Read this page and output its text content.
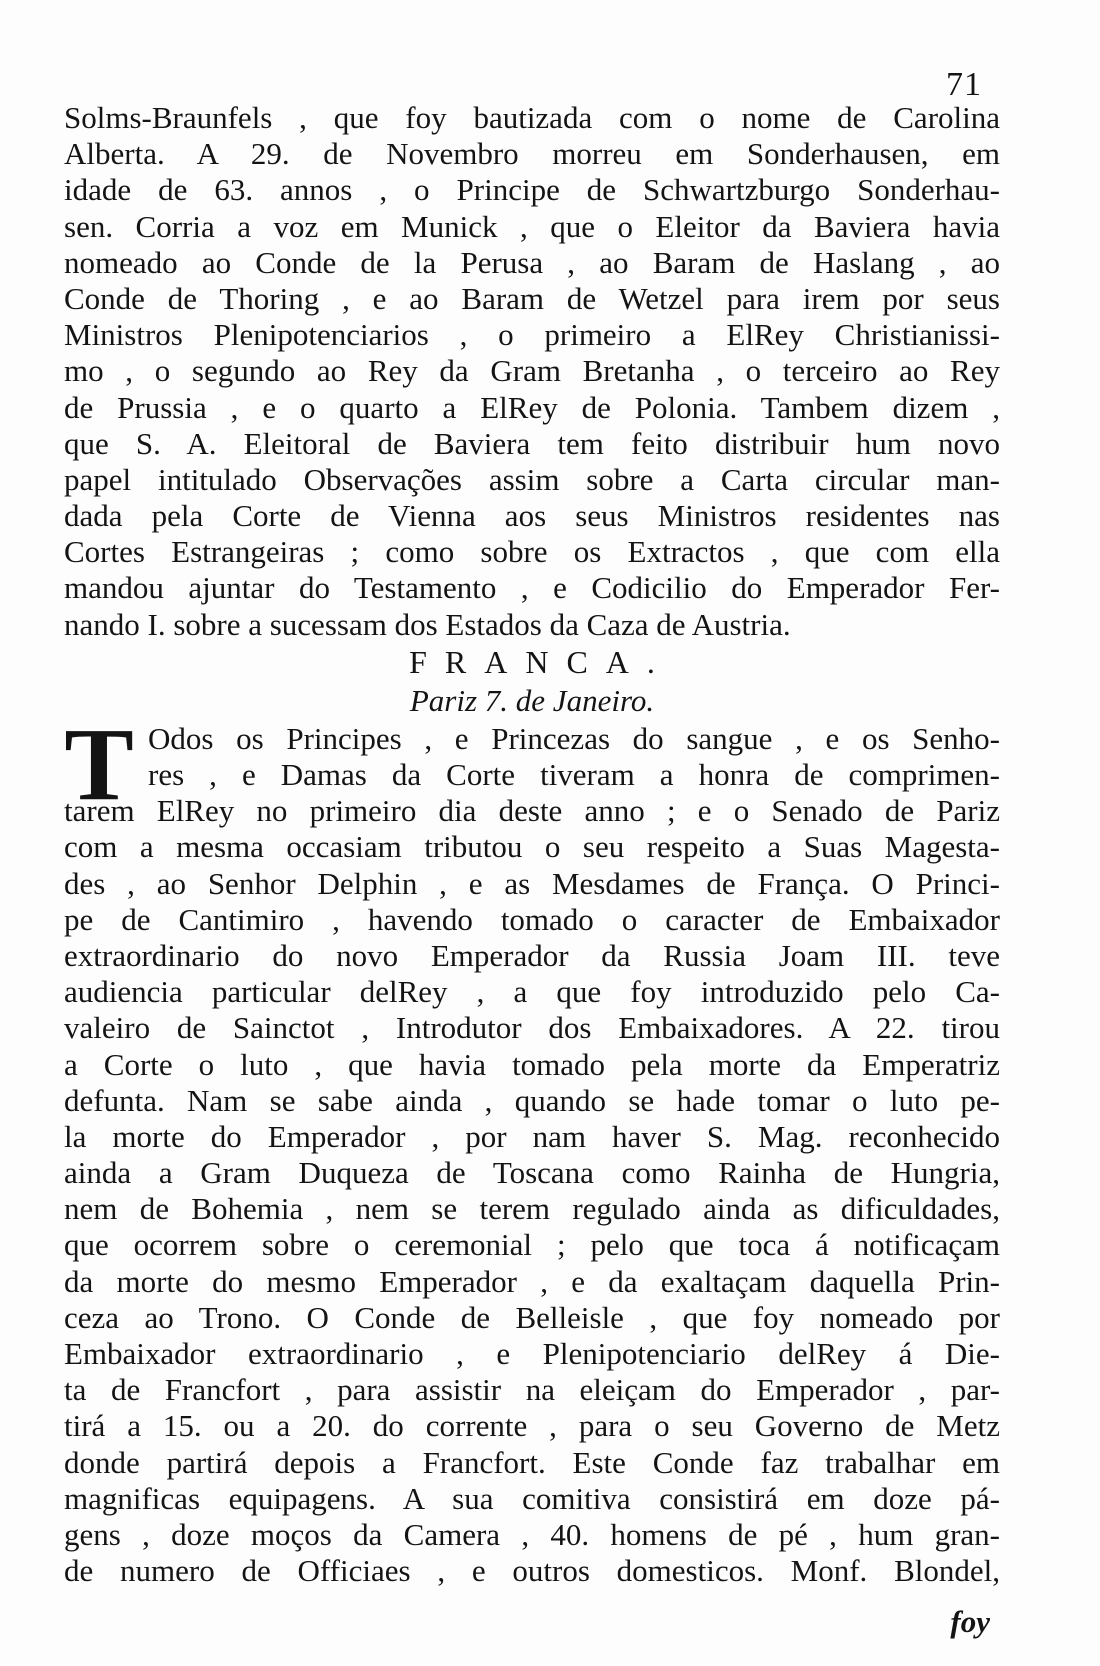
71
Solms-Braunfels , que foy bautizada com o nome de Carolina
Alberta. A 29. de Novembro morreu em Sonderhausen, em
idade de 63. annos , o Principe de Schwartzburgo Sonderhau-
sen. Corria a voz em Munick , que o Eleitor da Baviera havia
nomeado ao Conde de la Perusa , ao Baram de Haslang , ao
Conde de Thoring , e ao Baram de Wetzel para irem por seus
Ministros Plenipotenciarios , o primeiro a ElRey Christianissi-
mo , o segundo ao Rey da Gram Bretanha , o terceiro ao Rey
de Prussia , e o quarto a ElRey de Polonia. Tambem dizem ,
que S. A. Eleitoral de Baviera tem feito distribuir hum novo
papel intitulado Observações assim sobre a Carta circular man-
dada pela Corte de Vienna aos seus Ministros residentes nas
Cortes Estrangeiras ; como sobre os Extractos , que com ella
mandou ajuntar do Testamento , e Codicilio do Emperador Fer-
nando I. sobre a sucessam dos Estados da Caza de Austria.
FRANCA.
Pariz 7. de Janeiro.
T Odos os Principes , e Princezas do sangue , e os Senho-
res , e Damas da Corte tiveram a honra de comprimen-
tarem ElRey no primeiro dia deste anno ; e o Senado de Pariz
com a mesma occasiam tributou o seu respeito a Suas Magesta-
des , ao Senhor Delphin , e as Mesdames de França. O Princi-
pe de Cantimiro , havendo tomado o caracter de Embaixador
extraordinario do novo Emperador da Russia Joam III. teve
audiencia particular delRey , a que foy introduzido pelo Ca-
valeiro de Sainctot , Introdutor dos Embaixadores. A 22. tirou
a Corte o luto , que havia tomado pela morte da Emperatriz
defunta. Nam se sabe ainda , quando se hade tomar o luto pe-
la morte do Emperador , por nam haver S. Mag. reconhecido
ainda a Gram Duqueza de Toscana como Rainha de Hungria,
nem de Bohemia , nem se terem regulado ainda as dificuldades,
que ocorrem sobre o ceremonial ; pelo que toca á notificaçam
da morte do mesmo Emperador , e da exaltaçam daquella Prin-
ceza ao Trono. O Conde de Belleisle , que foy nomeado por
Embaixador extraordinario , e Plenipotenciario delRey á Die-
ta de Francfort , para assistir na eleiçam do Emperador , par-
tirá a 15. ou a 20. do corrente , para o seu Governo de Metz
donde partirá depois a Francfort. Este Conde faz trabalhar em
magnificas equipagens. A sua comitiva consistirá em doze pá-
gens , doze moços da Camera , 40. homens de pé , hum gran-
de numero de Officiaes , e outros domesticos. Monf. Blondel,
foy
